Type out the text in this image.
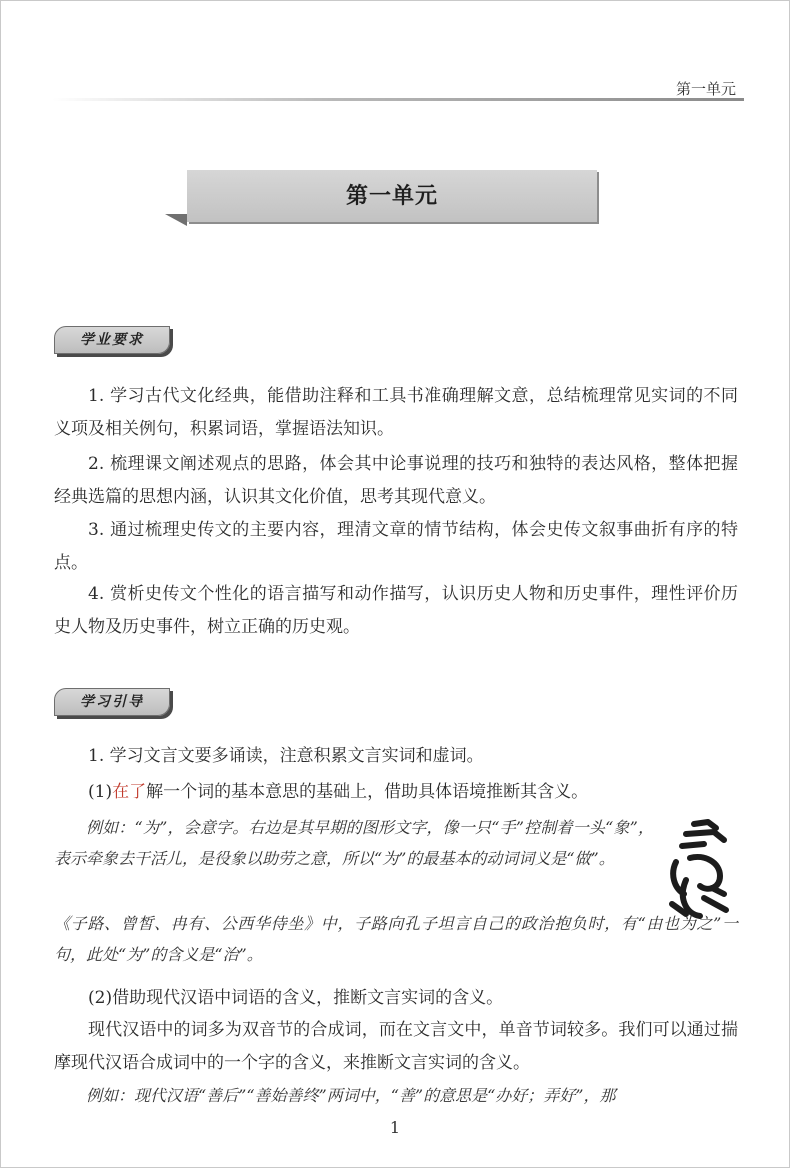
第一单元
第一单元
学业要求
1. 学习古代文化经典，能借助注释和工具书准确理解文意，总结梳理常见实词的不同义项及相关例句，积累词语，掌握语法知识。
2. 梳理课文阐述观点的思路，体会其中论事说理的技巧和独特的表达风格，整体把握经典选篇的思想内涵，认识其文化价值，思考其现代意义。
3. 通过梳理史传文的主要内容，理清文章的情节结构，体会史传文叙事曲折有序的特点。
4. 赏析史传文个性化的语言描写和动作描写，认识历史人物和历史事件，理性评价历史人物及历史事件，树立正确的历史观。
学习引导
1. 学习文言文要多诵读，注意积累文言实词和虚词。
(1)在了解一个词的基本意思的基础上，借助具体语境推断其含义。
例如：“为”，会意字。右边是其早期的图形文字，像一只“手”控制着一头“象”，表示牵象去干活儿，是役象以助劳之意，所以“为”的最基本的动词词义是“做”。
《子路、曾皙、冉有、公西华侍坐》中，子路向孔子坦言自己的政治抱负时，有“由也为之”一句，此处“为”的含义是“治”。
(2)借助现代汉语中词语的含义，推断文言实词的含义。
现代汉语中的词多为双音节的合成词，而在文言文中，单音节词较多。我们可以通过揣摩现代汉语合成词中的一个字的含义，来推断文言实词的含义。
例如：现代汉语“善后”“善始善终”两词中，“善”的意思是“办好；弄好”，那
1
